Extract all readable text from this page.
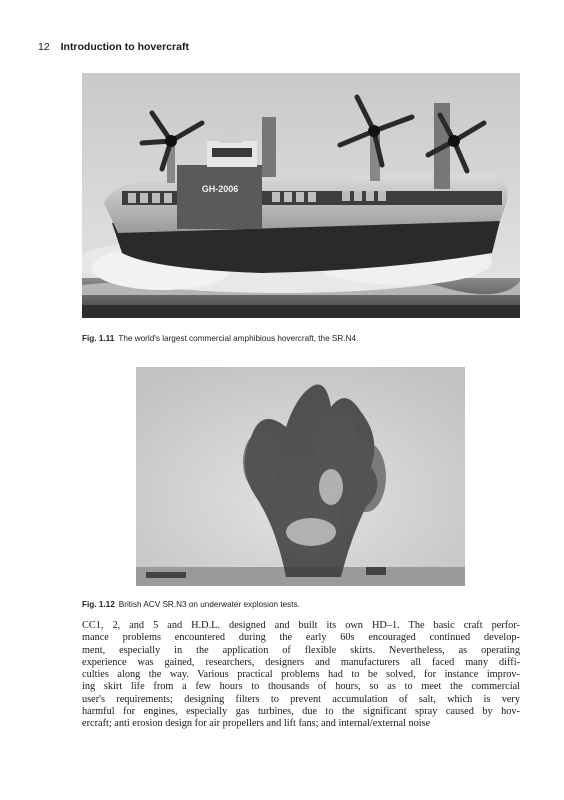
12 Introduction to hovercraft
GH-2006
Fig. 1.11 The world's largest commercial amphibious hovercraft, the SR.N4.
Fig. 1.12 British ACV SR.N3 on underwater explosion tests.
CC1, 2, and 5 and H.D.L. designed and built its own HD–1. The basic craft perfor-
mance problems encountered during the early 60s encouraged continued develop-
ment, especially in the application of flexible skirts. Nevertheless, as operating
experience was gained, researchers, designers and manufacturers all faced many diffi-
culties along the way. Various practical problems had to be solved, for instance improv-
ing skirt life from a few hours to thousands of hours, so as to meet the commercial
user's requirements; designing filters to prevent accumulation of salt, which is very
harmful for engines, especially gas turbines, due to the significant spray caused by hov-
ercraft; anti erosion design for air propellers and lift fans; and internal/external noise
